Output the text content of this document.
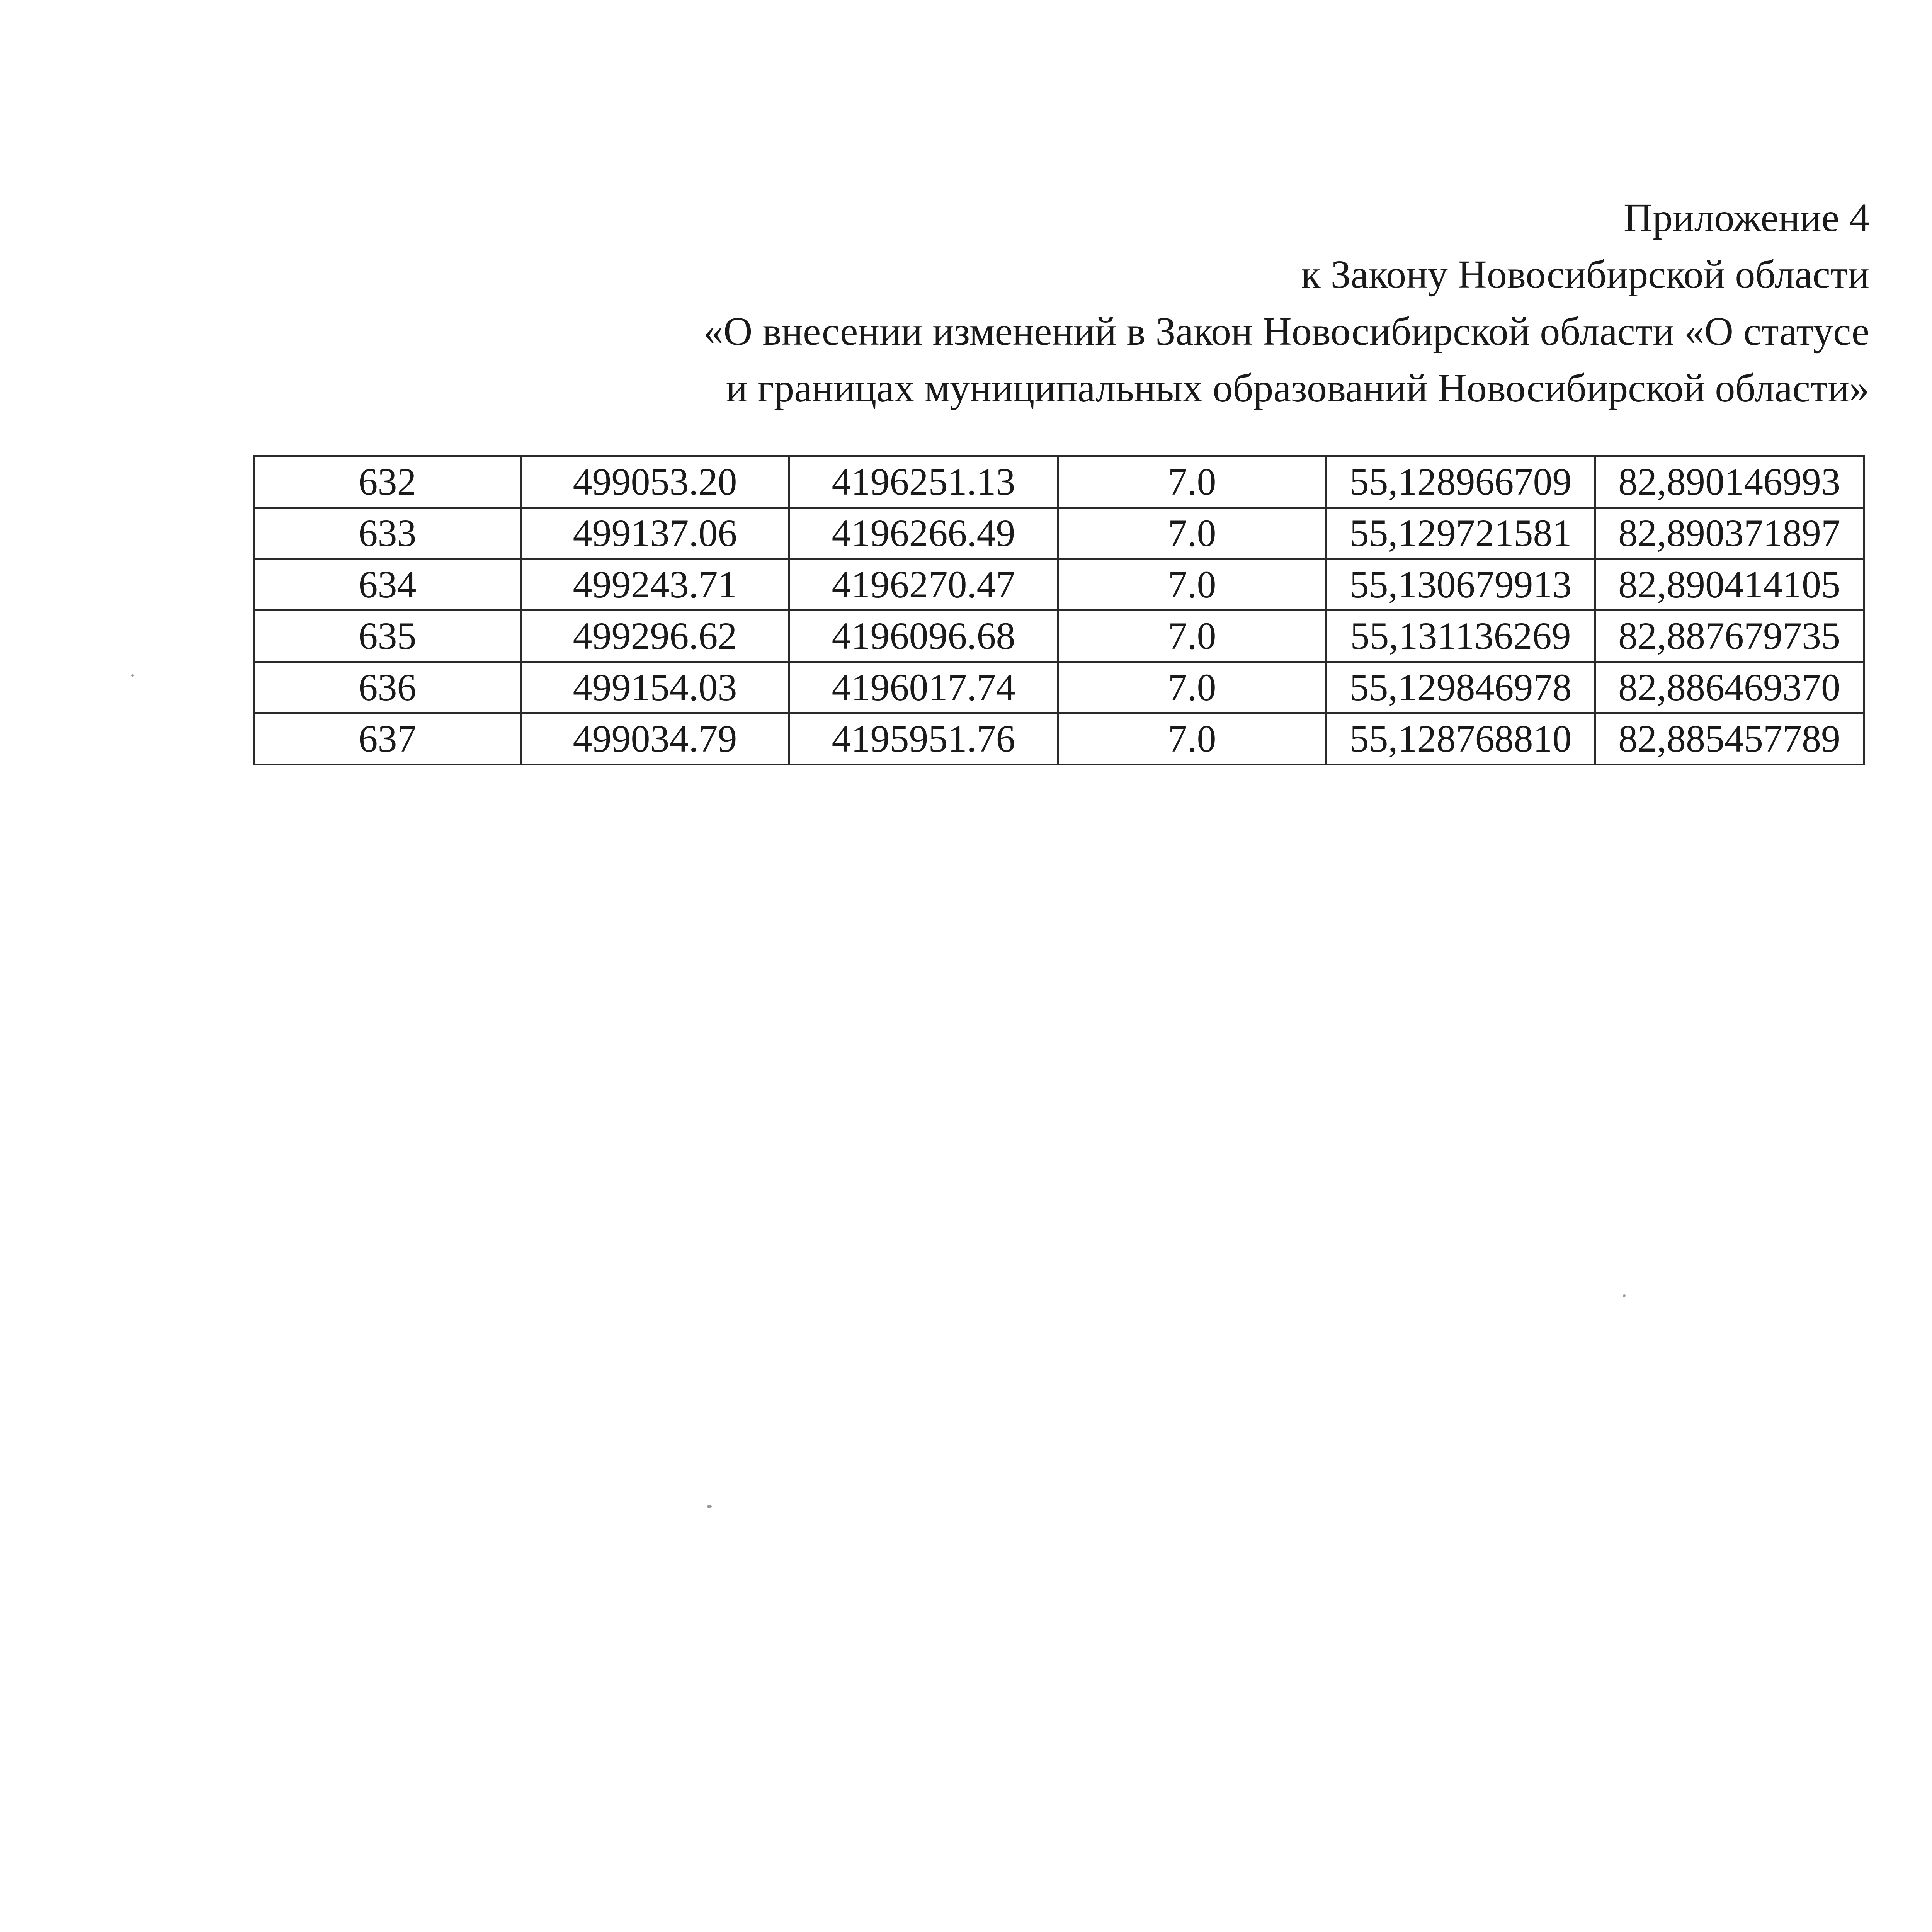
Приложение 4
к Закону Новосибирской области
«О внесении изменений в Закон Новосибирской области «О статусе
и границах муниципальных образований Новосибирской области»
632	499053.20	4196251.13	7.0	55,128966709	82,890146993
633	499137.06	4196266.49	7.0	55,129721581	82,890371897
634	499243.71	4196270.47	7.0	55,130679913	82,890414105
635	499296.62	4196096.68	7.0	55,131136269	82,887679735
636	499154.03	4196017.74	7.0	55,129846978	82,886469370
637	499034.79	4195951.76	7.0	55,128768810	82,885457789
